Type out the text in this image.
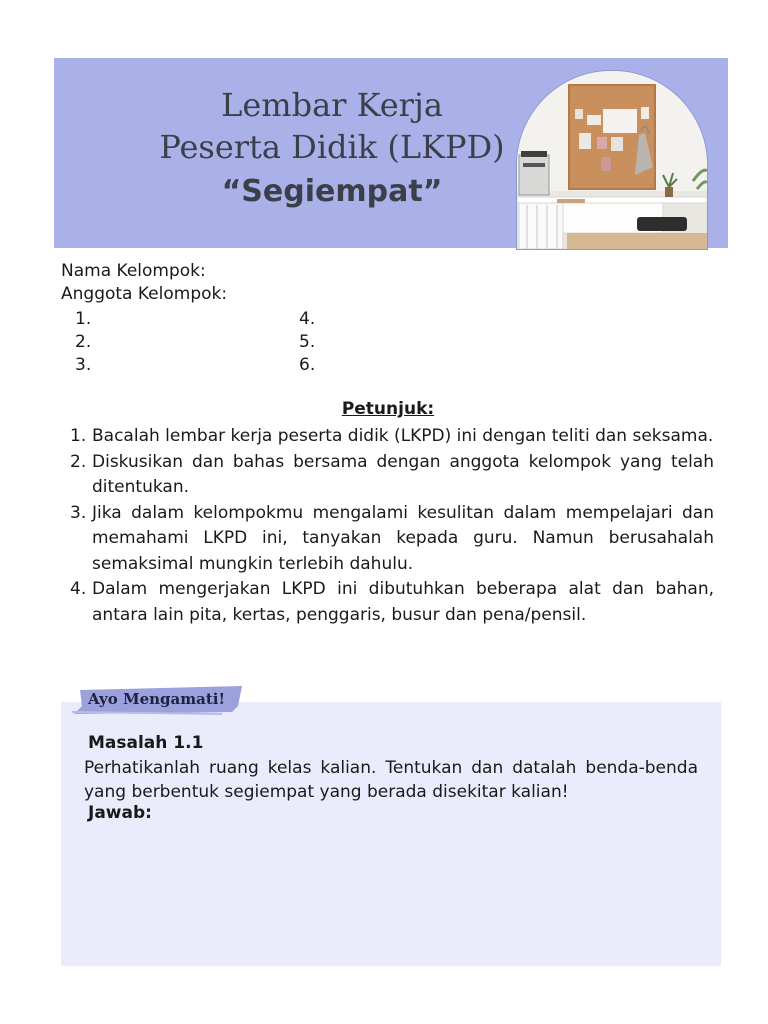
Lembar Kerja
Peserta Didik (LKPD)
“Segiempat”
Nama Kelompok:
Anggota Kelompok:
1.
2.
3.
4.
5.
6.
Petunjuk:
1. Bacalah lembar kerja peserta didik (LKPD) ini dengan teliti dan seksama.
2. Diskusikan dan bahas bersama dengan anggota kelompok yang telah ditentukan.
3. Jika dalam kelompokmu mengalami kesulitan dalam mempelajari dan memahami LKPD ini, tanyakan kepada guru. Namun berusahalah semaksimal mungkin terlebih dahulu.
4. Dalam mengerjakan LKPD ini dibutuhkan beberapa alat dan bahan, antara lain pita, kertas, penggaris, busur dan pena/pensil.
Ayo Mengamati!
Masalah 1.1
Perhatikanlah ruang kelas kalian. Tentukan dan datalah benda-benda yang berbentuk segiempat yang berada disekitar kalian!
Jawab:
